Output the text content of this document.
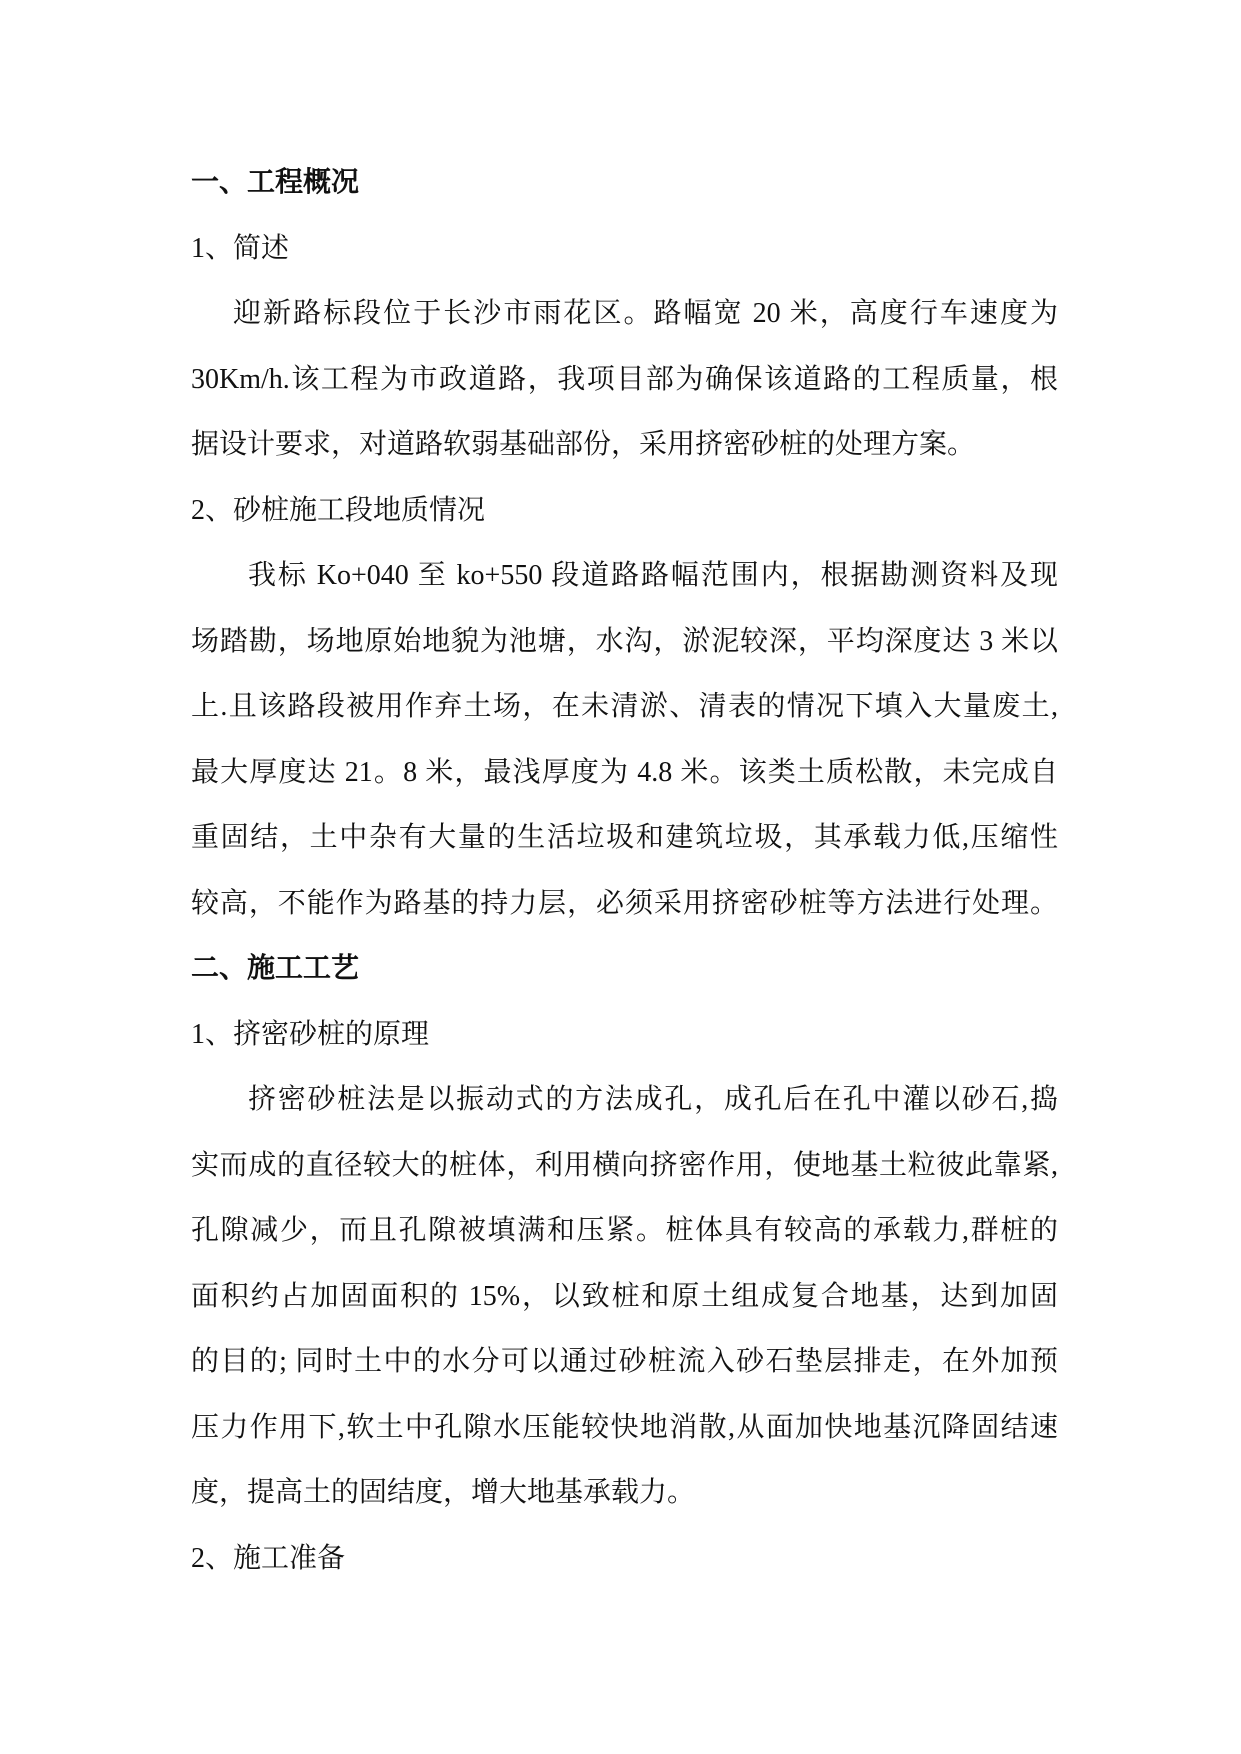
一、工程概况
1、简述
迎新路标段位于长沙市雨花区。路幅宽 20 米，高度行车速度为
30Km/h.该工程为市政道路，我项目部为确保该道路的工程质量，根
据设计要求，对道路软弱基础部份，采用挤密砂桩的处理方案。
2、砂桩施工段地质情况
我标 Ko+040 至 ko+550 段道路路幅范围内，根据勘测资料及现
场踏勘，场地原始地貌为池塘，水沟，淤泥较深，平均深度达 3 米以
上.且该路段被用作弃土场，在未清淤、清表的情况下填入大量废土,
最大厚度达 21。8 米，最浅厚度为 4.8 米。该类土质松散，未完成自
重固结，土中杂有大量的生活垃圾和建筑垃圾，其承载力低,压缩性
较高，不能作为路基的持力层，必须采用挤密砂桩等方法进行处理。
二、施工工艺
1、挤密砂桩的原理
挤密砂桩法是以振动式的方法成孔，成孔后在孔中灌以砂石,捣
实而成的直径较大的桩体，利用横向挤密作用，使地基土粒彼此靠紧,
孔隙减少，而且孔隙被填满和压紧。桩体具有较高的承载力,群桩的
面积约占加固面积的 15%，以致桩和原土组成复合地基，达到加固
的目的; 同时土中的水分可以通过砂桩流入砂石垫层排走，在外加预
压力作用下,软土中孔隙水压能较快地消散,从面加快地基沉降固结速
度，提高土的固结度，增大地基承载力。
2、施工准备
